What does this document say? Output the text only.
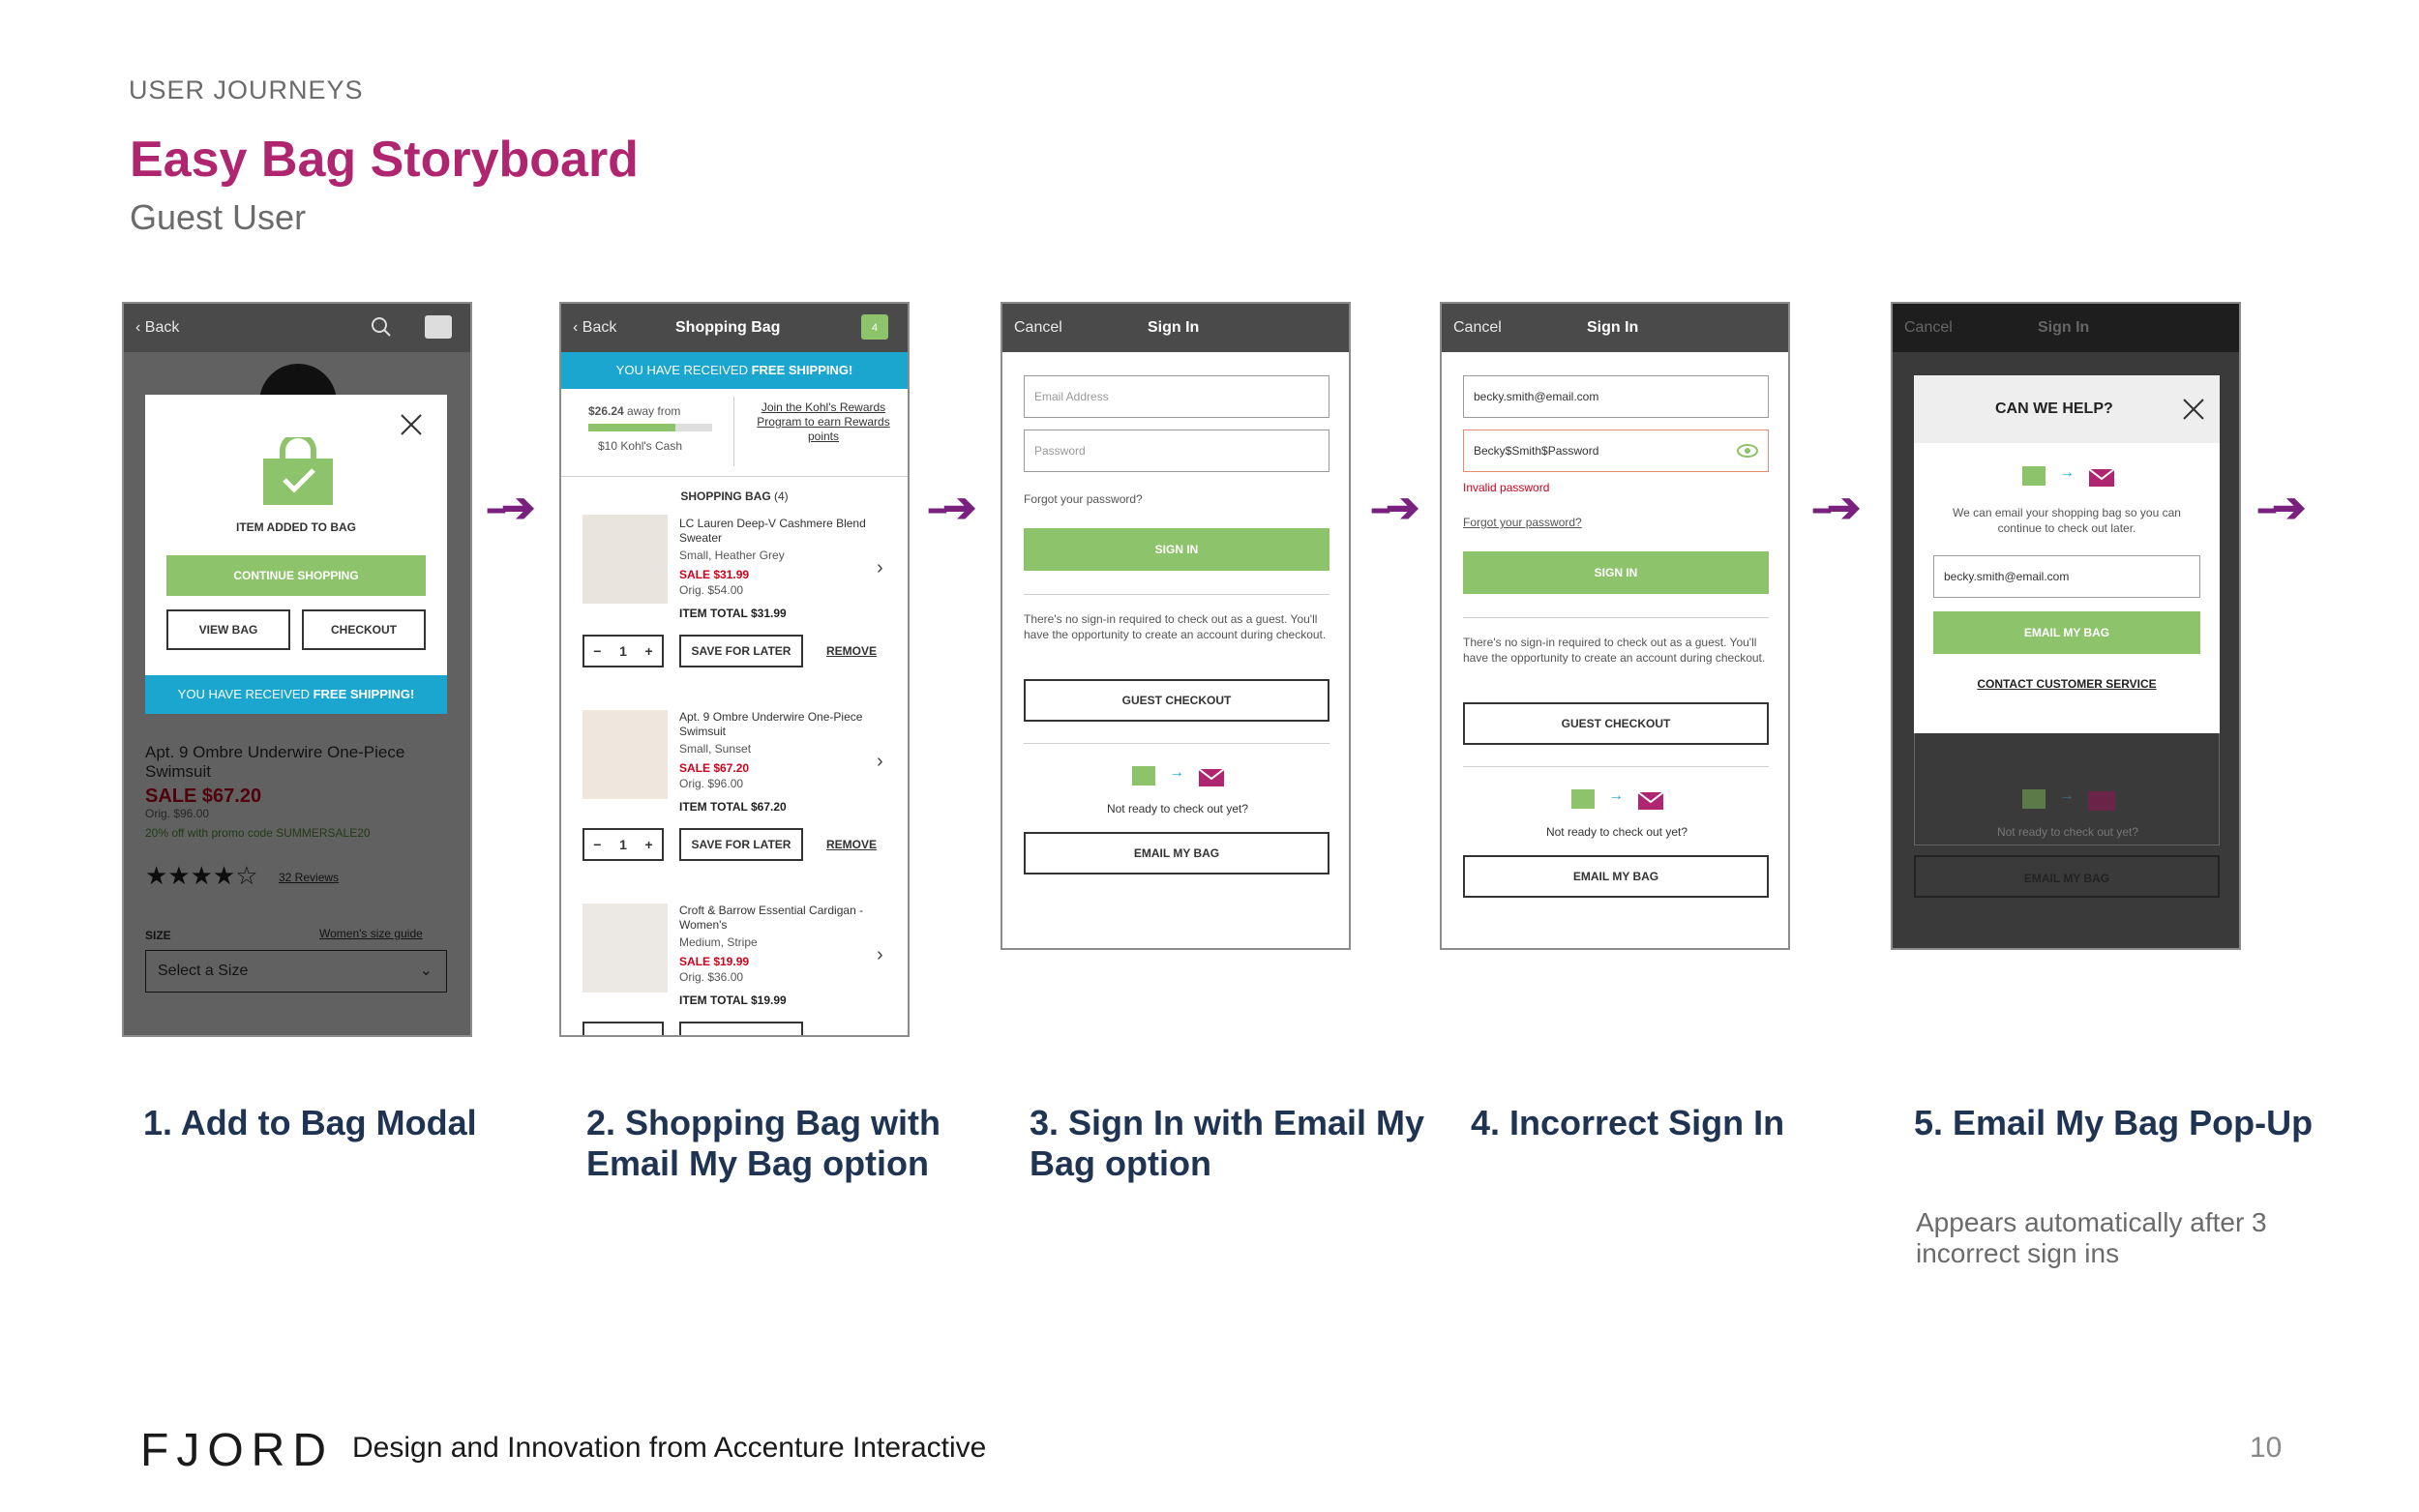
USER JOURNEYS
Easy Bag Storyboard
Guest User
‹ Back
ITEM ADDED TO BAG
CONTINUE SHOPPING
VIEW BAG	CHECKOUT
YOU HAVE RECEIVED FREE SHIPPING!
--➔
‹ Back	Shopping Bag	4
YOU HAVE RECEIVED FREE SHIPPING!
$26.24 away from
$10 Kohl's Cash
Join the Kohl's Rewards Program to earn Rewards points
SHOPPING BAG (4)
LC Lauren Deep-V Cashmere Blend Sweater
Small, Heather Grey
SALE $31.99
Orig. $54.00
ITEM TOTAL $31.99
›
− 1 +	SAVE FOR LATER	REMOVE
Apt. 9 Ombre Underwire One-Piece Swimsuit
Small, Sunset
SALE $67.20
Orig. $96.00
ITEM TOTAL $67.20
›
− 1 +	SAVE FOR LATER	REMOVE
Croft & Barrow Essential Cardigan - Women's
Medium, Stripe
SALE $19.99
Orig. $36.00
ITEM TOTAL $19.99
›
--➔
Cancel	Sign In
Email Address
Password
Forgot your password?
SIGN IN
There's no sign-in required to check out as a guest. You'll have the opportunity to create an account during checkout.
GUEST CHECKOUT
→
Not ready to check out yet?
EMAIL MY BAG
--➔
Cancel	Sign In
becky.smith@email.com
Becky$Smith$Password
Invalid password
Forgot your password?
SIGN IN
There's no sign-in required to check out as a guest. You'll have the opportunity to create an account during checkout.
GUEST CHECKOUT
→
Not ready to check out yet?
EMAIL MY BAG
--➔
Cancel	Sign In
→
Not ready to check out yet?
EMAIL MY BAG
CAN WE HELP?
→
We can email your shopping bag so you can continue to check out later.
becky.smith@email.com
EMAIL MY BAG
CONTACT CUSTOMER SERVICE
--➔
1. Add to Bag Modal	2. Shopping Bag with Email My Bag option
3. Sign In with Email My Bag option
4. Incorrect Sign In	5. Email My Bag Pop-Up
Appears automatically after 3 incorrect sign ins
FJORD Design and Innovation from Accenture Interactive	10
